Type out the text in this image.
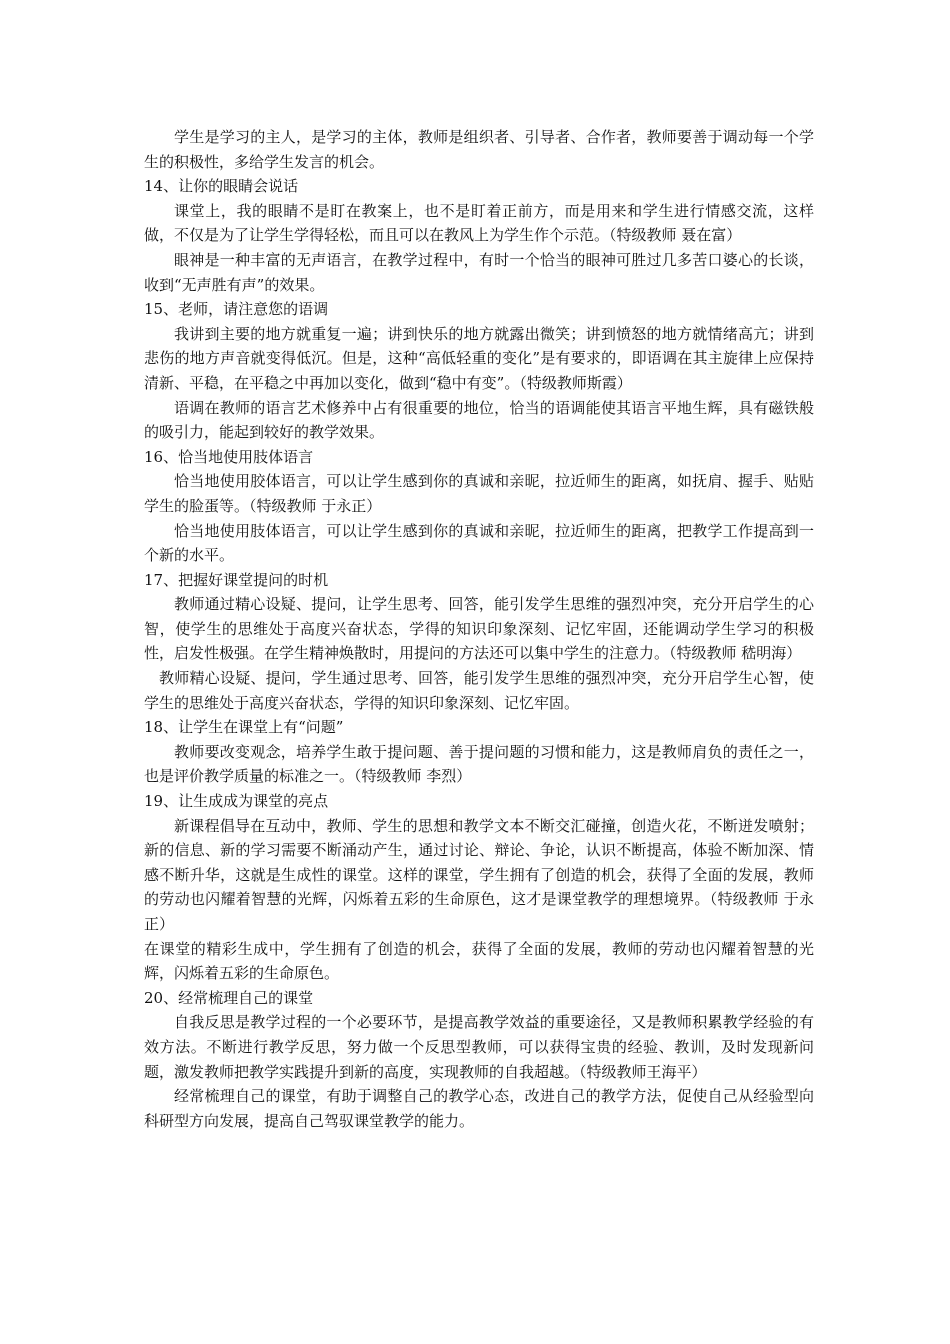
学生是学习的主人，是学习的主体，教师是组织者、引导者、合作者，教师要善于调动每一个学生的积极性，多给学生发言的机会。

14、让你的眼睛会说话

课堂上，我的眼睛不是盯在教案上，也不是盯着正前方，而是用来和学生进行情感交流，这样做，不仅是为了让学生学得轻松，而且可以在教风上为学生作个示范。（特级教师 聂在富）

眼神是一种丰富的无声语言，在教学过程中，有时一个恰当的眼神可胜过几多苦口婆心的长谈，收到“无声胜有声”的效果。

15、老师，请注意您的语调

我讲到主要的地方就重复一遍；讲到快乐的地方就露出微笑；讲到愤怒的地方就情绪高亢；讲到悲伤的地方声音就变得低沉。但是，这种“高低轻重的变化”是有要求的，即语调在其主旋律上应保持清新、平稳，在平稳之中再加以变化，做到“稳中有变”。（特级教师斯霞）

语调在教师的语言艺术修养中占有很重要的地位，恰当的语调能使其语言平地生辉，具有磁铁般的吸引力，能起到较好的教学效果。

16、恰当地使用肢体语言

恰当地使用胶体语言，可以让学生感到你的真诚和亲昵，拉近师生的距离，如抚肩、握手、贴贴学生的脸蛋等。（特级教师 于永正）

恰当地使用肢体语言，可以让学生感到你的真诚和亲昵，拉近师生的距离，把教学工作提高到一个新的水平。

17、把握好课堂提问的时机

教师通过精心设疑、提问，让学生思考、回答，能引发学生思维的强烈冲突，充分开启学生的心智，使学生的思维处于高度兴奋状态，学得的知识印象深刻、记忆牢固，还能调动学生学习的积极性，启发性极强。在学生精神焕散时，用提问的方法还可以集中学生的注意力。（特级教师 嵇明海）

教师精心设疑、提问，学生通过思考、回答，能引发学生思维的强烈冲突，充分开启学生心智，使学生的思维处于高度兴奋状态，学得的知识印象深刻、记忆牢固。

18、让学生在课堂上有“问题”

教师要改变观念，培养学生敢于提问题、善于提问题的习惯和能力，这是教师肩负的责任之一，也是评价教学质量的标准之一。（特级教师 李烈）

19、让生成成为课堂的亮点

新课程倡导在互动中，教师、学生的思想和教学文本不断交汇碰撞，创造火花，不断迸发喷射；新的信息、新的学习需要不断涌动产生，通过讨论、辩论、争论，认识不断提高，体验不断加深、情感不断升华，这就是生成性的课堂。这样的课堂，学生拥有了创造的机会，获得了全面的发展，教师的劳动也闪耀着智慧的光辉，闪烁着五彩的生命原色，这才是课堂教学的理想境界。（特级教师 于永正）

在课堂的精彩生成中，学生拥有了创造的机会，获得了全面的发展，教师的劳动也闪耀着智慧的光辉，闪烁着五彩的生命原色。

20、经常梳理自己的课堂

自我反思是教学过程的一个必要环节，是提高教学效益的重要途径，又是教师积累教学经验的有效方法。不断进行教学反思，努力做一个反思型教师，可以获得宝贵的经验、教训，及时发现新问题，激发教师把教学实践提升到新的高度，实现教师的自我超越。（特级教师王海平）

经常梳理自己的课堂，有助于调整自己的教学心态，改进自己的教学方法，促使自己从经验型向科研型方向发展，提高自己驾驭课堂教学的能力。
